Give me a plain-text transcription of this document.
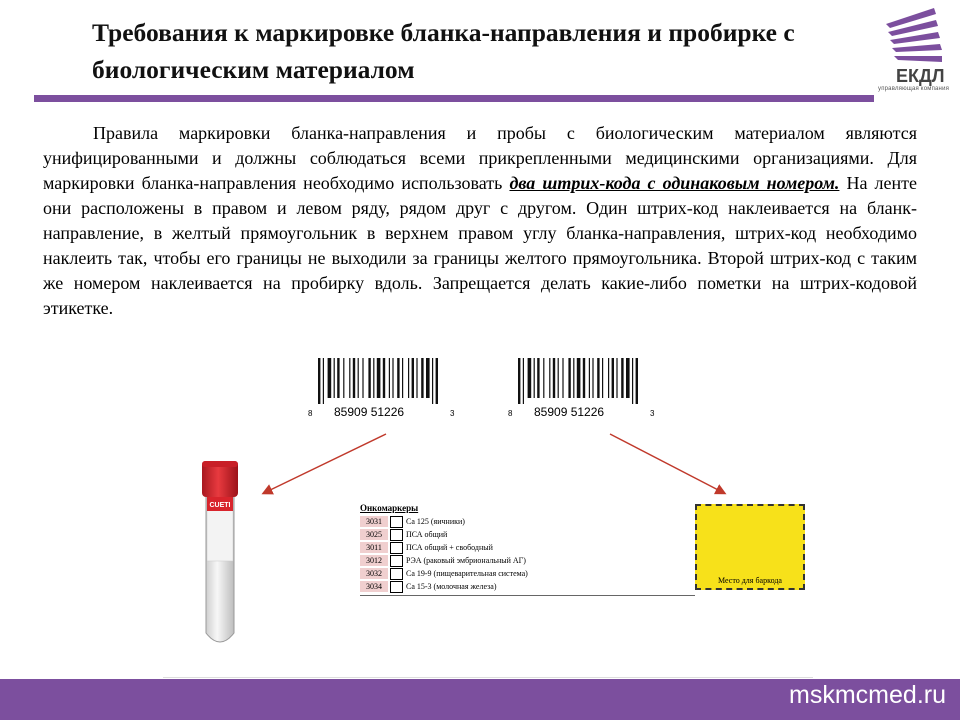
Требования к маркировке бланка-направления и пробирке с биологическим материалом	ЕКДЛ
управляющая компания

Правила маркировки бланка-направления и пробы с биологическим материалом являются унифицированными и должны соблюдаться всеми прикрепленными медицинскими организациями. Для маркировки бланка-направления необходимо использовать два штрих-кода с одинаковым номером. На ленте они расположены в правом и левом ряду, рядом друг с другом. Один штрих-код наклеивается на бланк-направление, в желтый прямоугольник в верхнем правом углу бланка-направления, штрих-код необходимо наклеить так, чтобы его границы не выходили за границы желтого прямоугольника. Второй штрих-код с таким же номером наклеивается на пробирку вдоль. Запрещается делать какие-либо пометки на штрих-кодовой этикетке.

8 85909 51226	3	8 85909 51226	3
CUETI	Онкомаркеры
3031	Са 125 (яичники)
3025	ПСА общий
3011	ПСА общий + свободный
3012	РЭА (раковый эмбриональный АГ)
3032	Са 19-9 (пищеварительная система)
3034	Са 15-3 (молочная железа)
Место для баркода
mskmcmed.ru
